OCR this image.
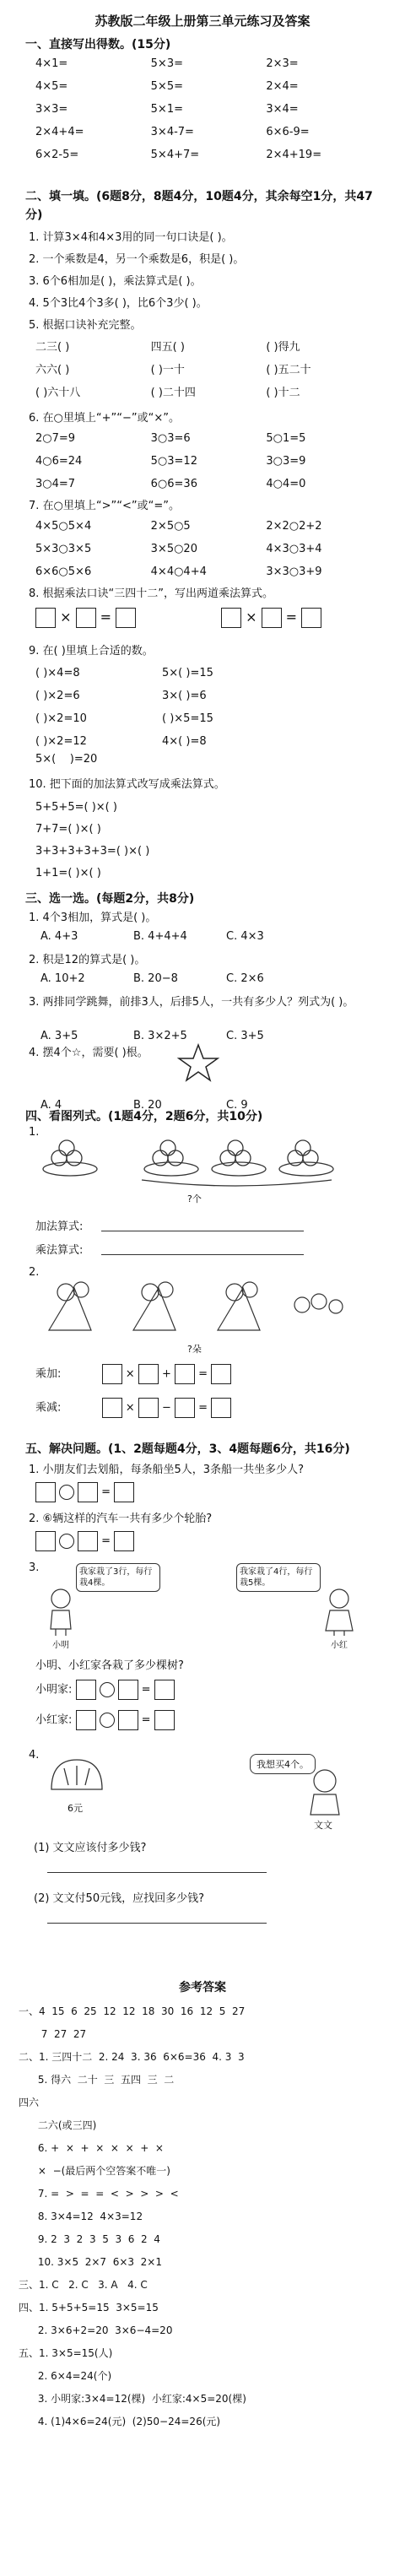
苏教版二年级上册第三单元练习及答案
一、直接写出得数。(15分)
4×1=	5×3=	2×3=
4×5=	5×5=	2×4=
3×3=	5×1=	3×4=
2×4+4=	3×4-7=	6×6-9=
6×2-5=	5×4+7=	2×4+19=
二、填一填。(6题8分，8题4分，10题4分，其余每空1分，共47分)
1. 计算3×4和4×3用的同一句口诀是( )。
2. 一个乘数是4，另一个乘数是6，积是( )。
3. 6个6相加是( )，乘法算式是( )。
4. 5个3比4个3多( )，比6个3少( )。
5. 根据口诀补充完整。
二三( )	四五( )	( )得九
六六( )	( )一十	( )五二十
( )六十八	( )二十四	( )十二
6. 在○里填上“+”“−”或“×”。
2○7=9	3○3=6	5○1=5
4○6=24	5○3=12	3○3=9
3○4=7	6○6=36	4○4=0
7. 在○里填上“>”“<”或“=”。
4×5○5×4	2×5○5	2×2○2+2
5×3○3×5	3×5○20	4×3○3+4
6×6○5×6	4×4○4+4	3×3○3+9
8. 根据乘法口诀“三四十二”，写出两道乘法算式。
×  =	×  =
9. 在( )里填上合适的数。
( )×4=8	5×( )=15
( )×2=6	3×( )=6
( )×2=10	( )×5=15
( )×2=12	4×( )=8
5×(    )=20
10. 把下面的加法算式改写成乘法算式。
5+5+5=( )×( )
7+7=( )×( )
3+3+3+3+3=( )×( )
1+1=( )×( )
三、选一选。(每题2分，共8分)
1. 4个3相加，算式是( )。
A. 4+3	B. 4+4+4	C. 4×3
2. 积是12的算式是( )。
A. 10+2	B. 20−8	C. 2×6
3. 两排同学跳舞，前排3人，后排5人，一共有多少人？列式为( )。
A. 3+5	B. 3×2+5	C. 3+5
4. 摆4个☆，需要( )根。
A. 4	B. 20	C. 9
四、看图列式。(1题4分，2题6分，共10分)
1.
?个
加法算式:
乘法算式:
2.
?朵
乘加:	×  +  =
乘减:	×  −  =
五、解决问题。(1、2题每题4分，3、4题每题6分，共16分)
1. 小朋友们去划船，每条船坐5人，3条船一共坐多少人?
=
2. ⑥辆这样的汽车一共有多少个轮胎?
=
3.	我家栽了3行，每行栽4棵。
我家栽了4行，每行栽5棵。
小明	小红
小明、小红家各栽了多少棵树?
小明家:	=
小红家:	=
4.
6元
我想买4个。
文文
(1) 文文应该付多少钱?
(2) 文文付50元钱，应找回多少钱?
参考答案
一、4  15  6  25  12  12  18  30  16  12  5  27
7  27  27
二、1. 三四十二  2. 24  3. 36  6×6=36  4. 3  3
5. 得六  二十  三  五四  三  二
四六
二六(或三四)
6. +  ×  +  ×  ×  ×  +  ×
×  −(最后两个空答案不唯一)
7. =  >  =  =  <  >  >  >  <
8. 3×4=12  4×3=12
9. 2  3  2  3  5  3  6  2  4
10. 3×5  2×7  6×3  2×1
三、1. C   2. C   3. A   4. C
四、1. 5+5+5=15  3×5=15
2. 3×6+2=20  3×6−4=20
五、1. 3×5=15(人)
2. 6×4=24(个)
3. 小明家:3×4=12(棵)  小红家:4×5=20(棵)
4. (1)4×6=24(元)  (2)50−24=26(元)
